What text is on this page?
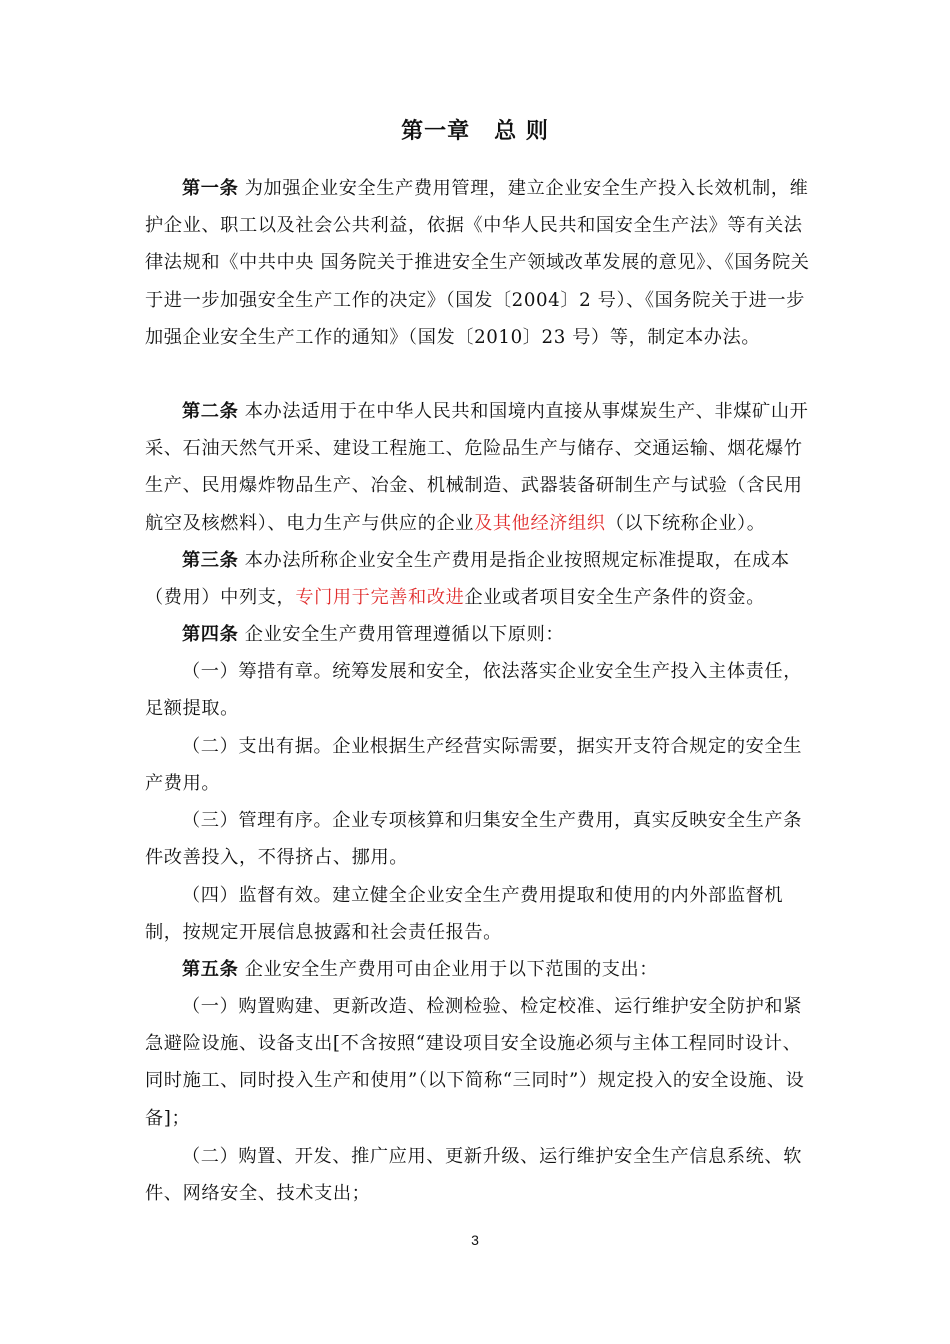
第一章 总 则

第一条 为加强企业安全生产费用管理，建立企业安全生产投入长效机制，维护企业、职工以及社会公共利益，依据《中华人民共和国安全生产法》等有关法律法规和《中共中央 国务院关于推进安全生产领域改革发展的意见》、《国务院关于进一步加强安全生产工作的决定》（国发〔2004〕2 号）、《国务院关于进一步加强企业安全生产工作的通知》（国发〔2010〕23 号）等，制定本办法。

第二条 本办法适用于在中华人民共和国境内直接从事煤炭生产、非煤矿山开采、石油天然气开采、建设工程施工、危险品生产与储存、交通运输、烟花爆竹生产、民用爆炸物品生产、冶金、机械制造、武器装备研制生产与试验（含民用航空及核燃料）、电力生产与供应的企业及其他经济组织（以下统称企业）。

第三条 本办法所称企业安全生产费用是指企业按照规定标准提取，在成本（费用）中列支，专门用于完善和改进企业或者项目安全生产条件的资金。

第四条 企业安全生产费用管理遵循以下原则：

（一）筹措有章。统筹发展和安全，依法落实企业安全生产投入主体责任，足额提取。

（二）支出有据。企业根据生产经营实际需要，据实开支符合规定的安全生产费用。

（三）管理有序。企业专项核算和归集安全生产费用，真实反映安全生产条件改善投入，不得挤占、挪用。

（四）监督有效。建立健全企业安全生产费用提取和使用的内外部监督机制，按规定开展信息披露和社会责任报告。

第五条 企业安全生产费用可由企业用于以下范围的支出：

（一）购置购建、更新改造、检测检验、检定校准、运行维护安全防护和紧急避险设施、设备支出[不含按照“建设项目安全设施必须与主体工程同时设计、同时施工、同时投入生产和使用”（以下简称“三同时”）规定投入的安全设施、设备]；

（二）购置、开发、推广应用、更新升级、运行维护安全生产信息系统、软件、网络安全、技术支出；

3
